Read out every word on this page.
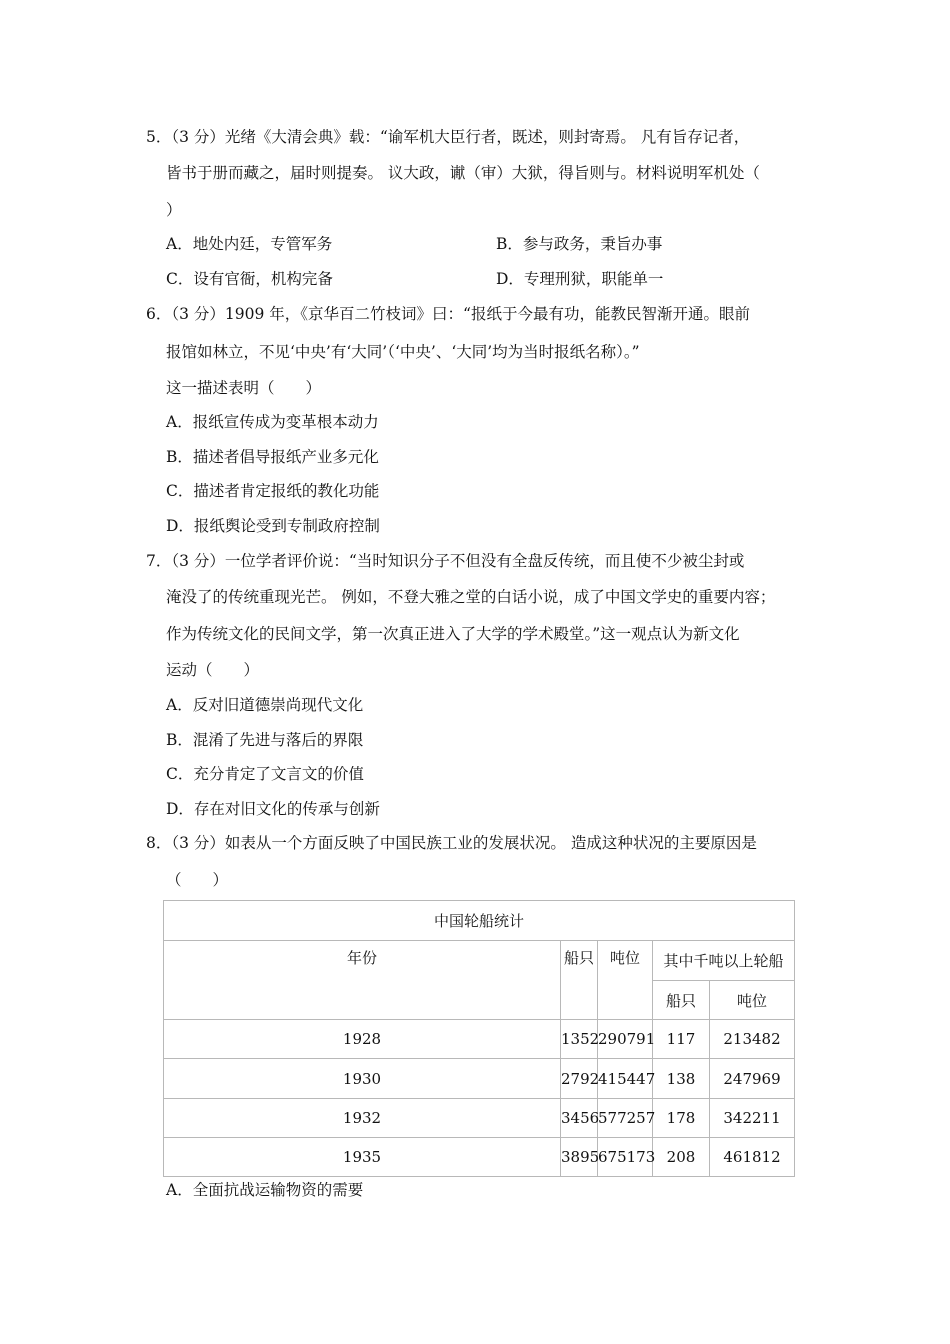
5．（3 分）光绪《大清会典》载：“谕军机大臣行者，既述，则封寄焉。 凡有旨存记者，
皆书于册而藏之，届时则提奏。 议大政，谳（审）大狱，得旨则与。材料说明军机处（
）
A．地处内廷，专管军务	B．参与政务，秉旨办事
C．设有官衙，机构完备	D．专理刑狱，职能单一
6．（3 分）1909 年，《京华百二竹枝词》曰：“报纸于今最有功，能教民智渐开通。眼前
报馆如林立，不见‘中央’有‘大同’（‘中央’、‘大同’均为当时报纸名称）。”
这一描述表明（　　）
A．报纸宣传成为变革根本动力
B．描述者倡导报纸产业多元化
C．描述者肯定报纸的教化功能
D．报纸舆论受到专制政府控制
7．（3 分）一位学者评价说：“当时知识分子不但没有全盘反传统，而且使不少被尘封或
淹没了的传统重现光芒。 例如，不登大雅之堂的白话小说，成了中国文学史的重要内容；
作为传统文化的民间文学，第一次真正进入了大学的学术殿堂。”这一观点认为新文化
运动（　　）
A．反对旧道德崇尚现代文化
B．混淆了先进与落后的界限
C．充分肯定了文言文的价值
D．存在对旧文化的传承与创新
8．（3 分）如表从一个方面反映了中国民族工业的发展状况。 造成这种状况的主要原因是
（　　）
中国轮船统计				
年份	船只	吨位	其中千吨以上轮船	
			船只	吨位
1928	1352	290791	117	213482
1930	2792	415447	138	247969
1932	3456	577257	178	342211
1935	3895	675173	208	461812
A．全面抗战运输物资的需要
